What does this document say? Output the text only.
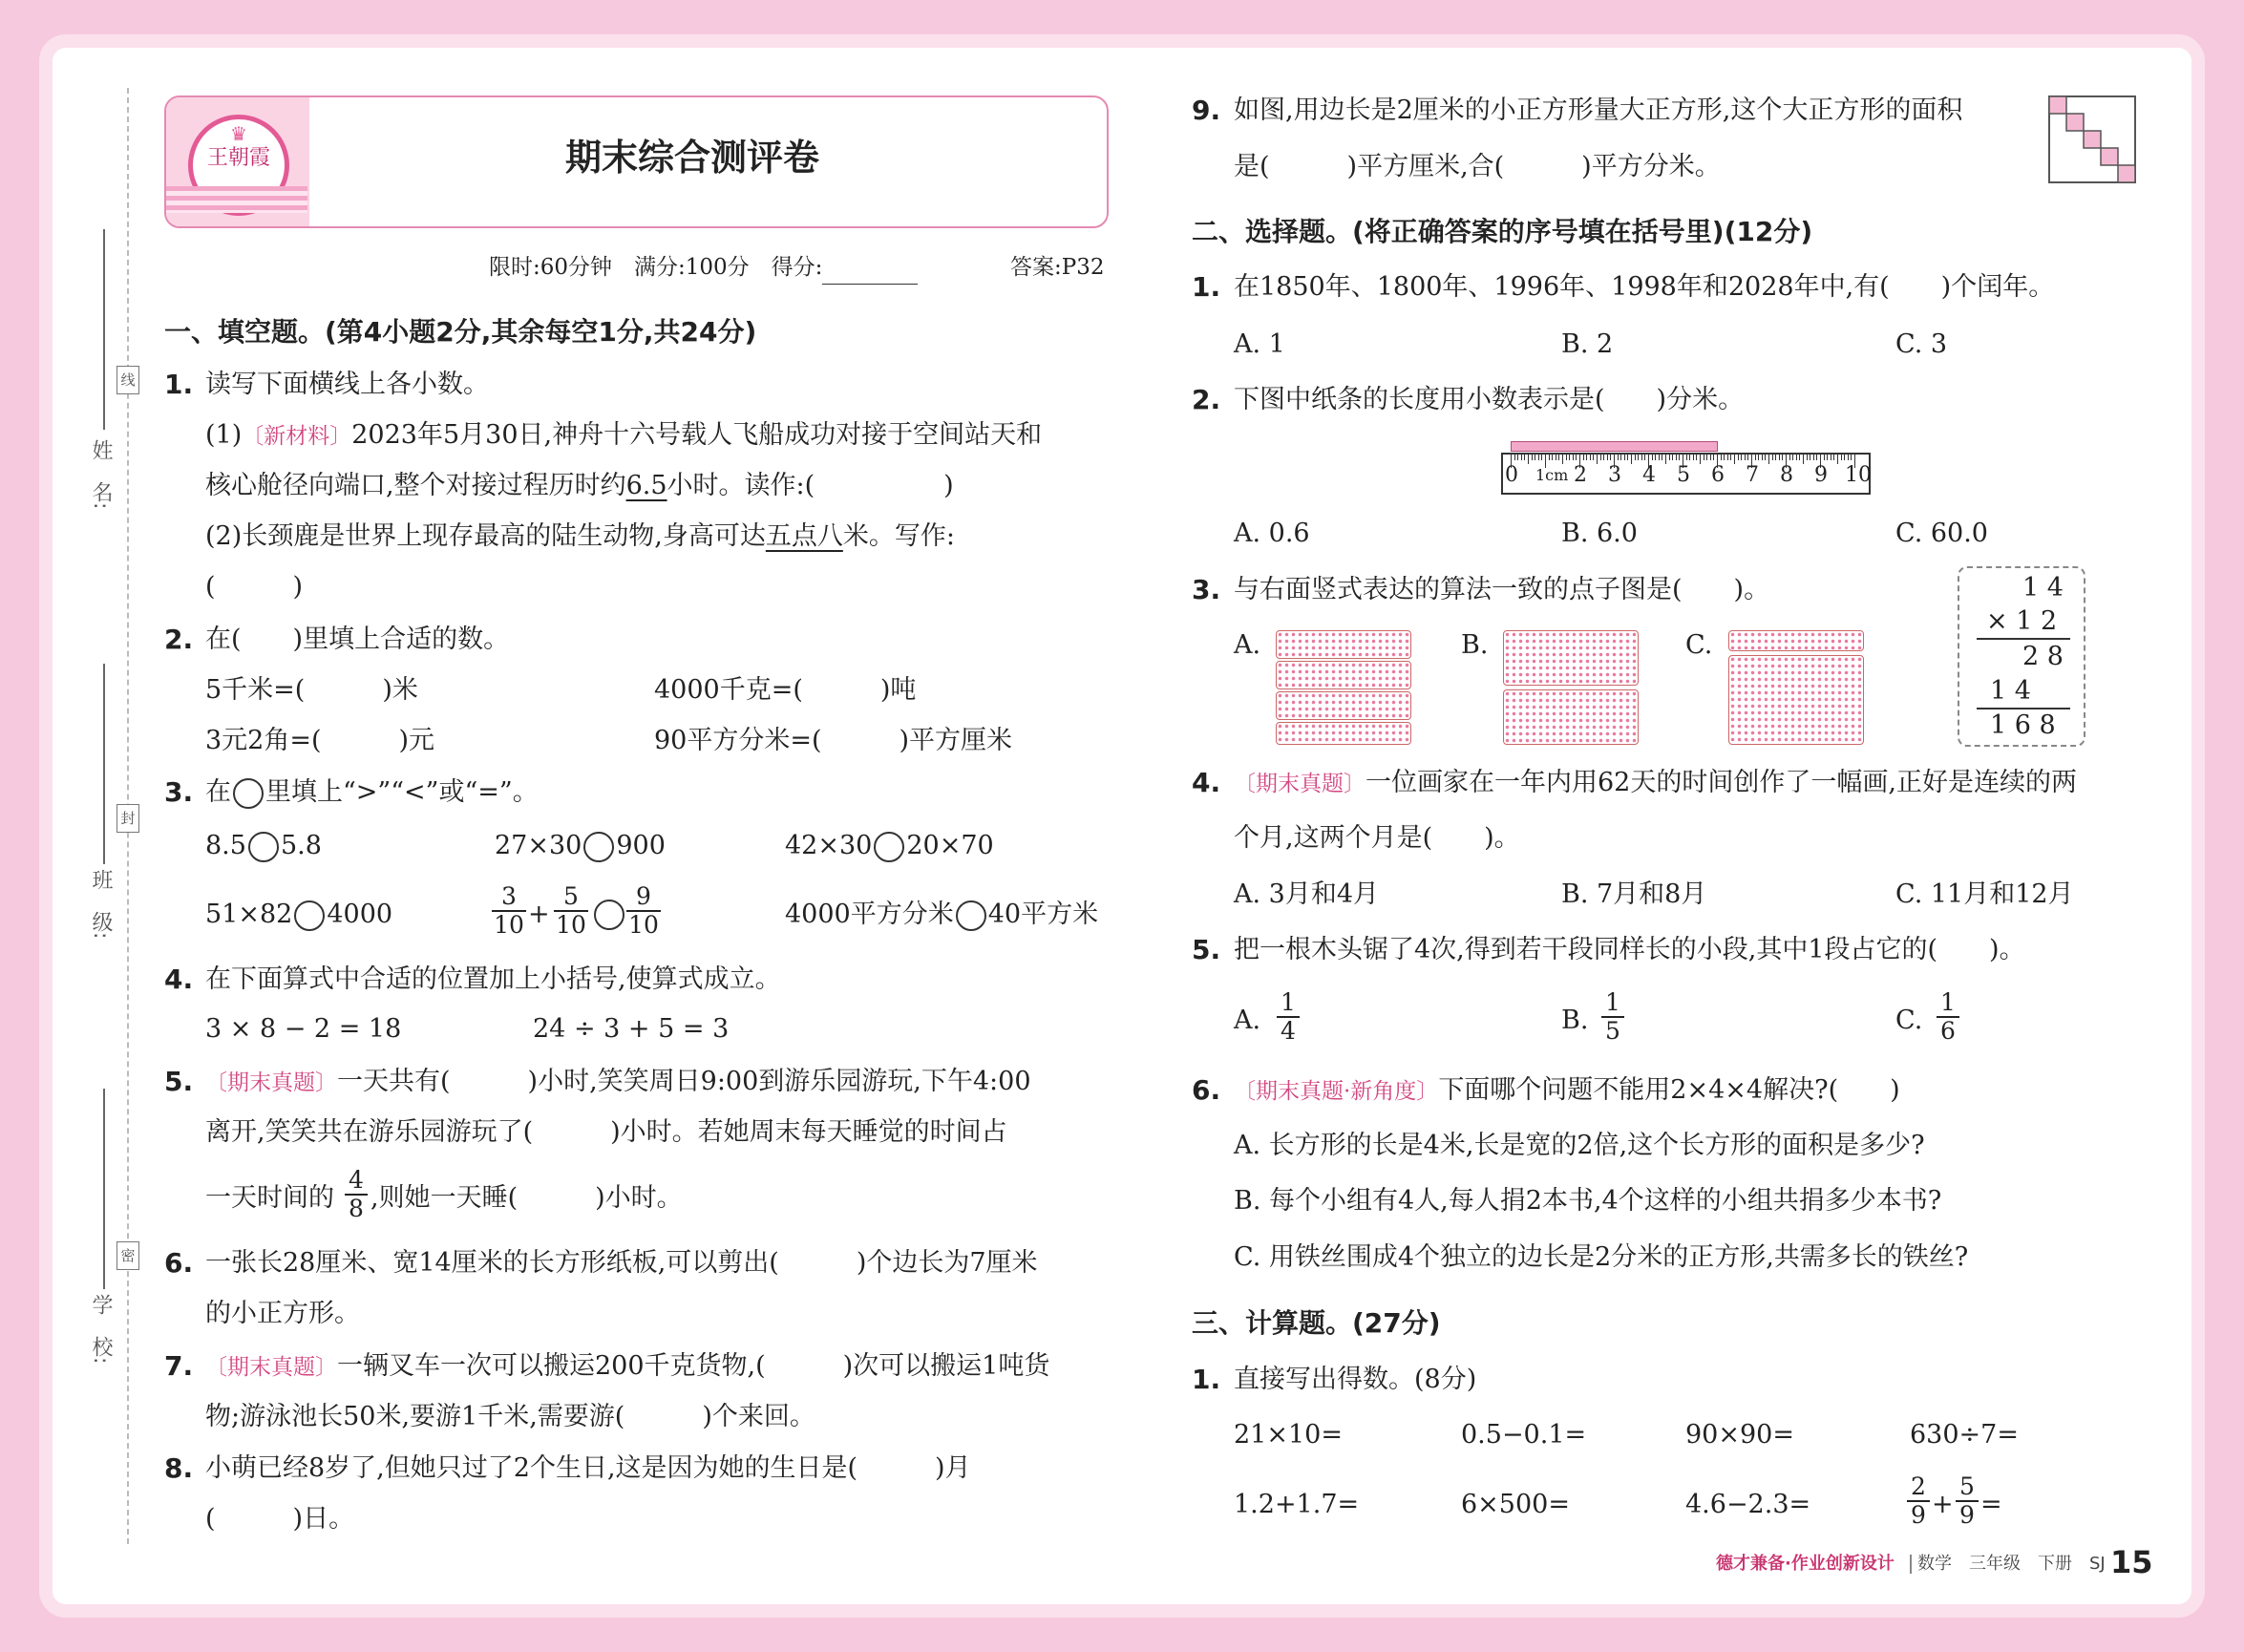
线
封
密
姓　名:
班　级:
学　校:
♛
王朝霞	期末综合测评卷
限时:60分钟　满分:100分　得分:	答案:P32
一、填空题。(第4小题2分,其余每空1分,共24分)
1. 读写下面横线上各小数。
(1)〔新材料〕2023年5月30日,神舟十六号载人飞船成功对接于空间站天和
核心舱径向端口,整个对接过程历时约6.5小时。读作:(　　　　　)
(2)长颈鹿是世界上现存最高的陆生动物,身高可达五点八米。写作:
(　　　)
2. 在(　　)里填上合适的数。
5千米=(　　　)米	4000千克=(　　　)吨
3元2角=(　　　)元	90平方分米=(　　　)平方厘米
3. 在 里填上“>”“<”或“=”。
8.5 5.8	27×30 900	42×30 20×70
51×82 4000	$\frac{3}{10} + \frac{5}{10} \frac{9}{10}$	4000平方分米 40平方米
4. 在下面算式中合适的位置加上小括号,使算式成立。
3 × 8 − 2 = 18	24 ÷ 3 + 5 = 3
5. 〔期末真题〕一天共有(　　　)小时,笑笑周日9:00到游乐园游玩,下午4:00
离开,笑笑共在游乐园游玩了(　　　)小时。若她周末每天睡觉的时间占
一天时间的 $\frac{4}{8}$ ,则她一天睡(　　　)小时。
6. 一张长28厘米、宽14厘米的长方形纸板,可以剪出(　　　)个边长为7厘米
的小正方形。
7. 〔期末真题〕一辆叉车一次可以搬运200千克货物,(　　　)次可以搬运1吨货
物;游泳池长50米,要游1千米,需要游(　　　)个来回。
8. 小萌已经8岁了,但她只过了2个生日,这是因为她的生日是(　　　)月
(　　　)日。
9. 如图,用边长是2厘米的小正方形量大正方形,这个大正方形的面积
是(　　　)平方厘米,合(　　　)平方分米。
二、选择题。(将正确答案的序号填在括号里)(12分)
1. 在1850年、1800年、1996年、1998年和2028年中,有(　　)个闰年。
A. 1	B. 2	C. 3
2. 下图中纸条的长度用小数表示是(　　)分米。
0 1cm 2 3 4 5 6 7 8 9 10
A. 0.6	B. 6.0	C. 60.0
3. 与右面竖式表达的算法一致的点子图是(　　)。
A.	B.	C.
1 4
× 1 2
2 8
1 4
1 6 8
4. 〔期末真题〕一位画家在一年内用62天的时间创作了一幅画,正好是连续的两
个月,这两个月是(　　)。
A. 3月和4月	B. 7月和8月	C. 11月和12月
5. 把一根木头锯了4次,得到若干段同样长的小段,其中1段占它的(　　)。
A. $\frac{1}{4}$	B. $\frac{1}{5}$	C. $\frac{1}{6}$
6. 〔期末真题·新角度〕下面哪个问题不能用2×4×4解决?(　　)
A. 长方形的长是4米,长是宽的2倍,这个长方形的面积是多少?
B. 每个小组有4人,每人捐2本书,4个这样的小组共捐多少本书?
C. 用铁丝围成4个独立的边长是2分米的正方形,共需多长的铁丝?
三、计算题。(27分)
1. 直接写出得数。(8分)
21×10=	0.5−0.1=	90×90=	630÷7=
1.2+1.7=	6×500=	4.6−2.3=	$\frac{2}{9} + \frac{5}{9}$ =
德才兼备·作业创新设计 数学　三年级　下册　SJ 15
